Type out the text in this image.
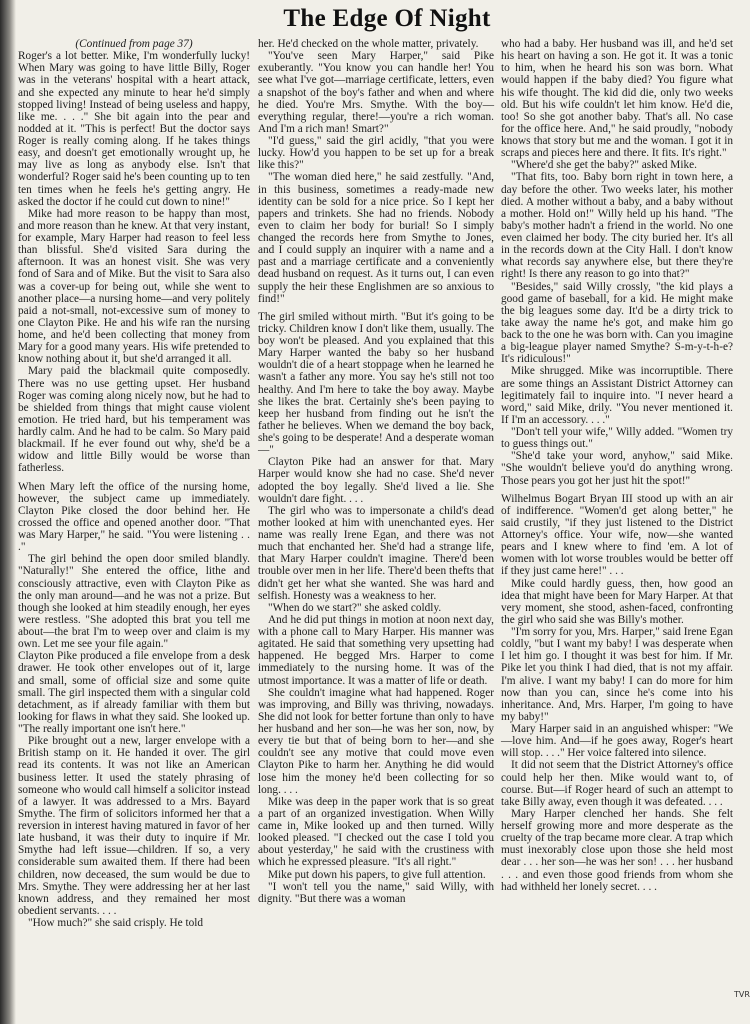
The Edge Of Night

(Continued from page 37)

Roger's a lot better. Mike, I'm wonderfully lucky! When Mary was going to have little Billy, Roger was in the veterans' hospital with a heart attack, and she expected any minute to hear he'd simply stopped living! Instead of being useless and happy, like me. . . ." She bit again into the pear and nodded at it. "This is perfect! But the doctor says Roger is really coming along. If he takes things easy, and doesn't get emotionally wrought up, he may live as long as anybody else. Isn't that wonderful? Roger said he's been counting up to ten ten times when he feels he's getting angry. He asked the doctor if he could cut down to nine!"

Mike had more reason to be happy than most, and more reason than he knew. At that very instant, for example, Mary Harper had reason to feel less than blissful. She'd visited Sara during the afternoon. It was an honest visit. She was very fond of Sara and of Mike. But the visit to Sara also was a cover-up for being out, while she went to another place—a nursing home—and very politely paid a not-small, not-excessive sum of money to one Clayton Pike. He and his wife ran the nursing home, and he'd been collecting that money from Mary for a good many years. His wife pretended to know nothing about it, but she'd arranged it all.

Mary paid the blackmail quite composedly. There was no use getting upset. Her husband Roger was coming along nicely now, but he had to be shielded from things that might cause violent emotion. He tried hard, but his temperament was hardly calm. And he had to be calm. So Mary paid blackmail. If he ever found out why, she'd be a widow and little Billy would be worse than fatherless.

When Mary left the office of the nursing home, however, the subject came up immediately. Clayton Pike closed the door behind her. He crossed the office and opened another door. "That was Mary Harper," he said. "You were listening . . ."

The girl behind the open door smiled blandly. "Naturally!" She entered the office, lithe and consciously attractive, even with Clayton Pike as the only man around—and he was not a prize. But though she looked at him steadily enough, her eyes were restless. "She adopted this brat you tell me about—the brat I'm to weep over and claim is my own. Let me see your file again."

Clayton Pike produced a file envelope from a desk drawer. He took other envelopes out of it, large and small, some of official size and some quite small. The girl inspected them with a singular cold detachment, as if already familiar with them but looking for flaws in what they said. She looked up. "The really important one isn't here."

Pike brought out a new, larger envelope with a British stamp on it. He handed it over. The girl read its contents. It was not like an American business letter. It used the stately phrasing of someone who would call himself a solicitor instead of a lawyer. It was addressed to a Mrs. Bayard Smythe. The firm of solicitors informed her that a reversion in interest having matured in favor of her late husband, it was their duty to inquire if Mr. Smythe had left issue—children. If so, a very considerable sum awaited them. If there had been children, now deceased, the sum would be due to Mrs. Smythe. They were addressing her at her last known address, and they remained her most obedient servants. . . .

"How much?" she said crisply. He told

her. He'd checked on the whole matter, privately.

"You've seen Mary Harper," said Pike exuberantly. "You know you can handle her! You see what I've got—marriage certificate, letters, even a snapshot of the boy's father and when and where he died. You're Mrs. Smythe. With the boy—everything regular, there!—you're a rich woman. And I'm a rich man! Smart?"

"I'd guess," said the girl acidly, "that you were lucky. How'd you happen to be set up for a break like this?"

"The woman died here," he said zestfully. "And, in this business, sometimes a ready-made new identity can be sold for a nice price. So I kept her papers and trinkets. She had no friends. Nobody even to claim her body for burial! So I simply changed the records here from Smythe to Jones, and I could supply an inquirer with a name and a past and a marriage certificate and a conveniently dead husband on request. As it turns out, I can even supply the heir these Englishmen are so anxious to find!"

The girl smiled without mirth. "But it's going to be tricky. Children know I don't like them, usually. The boy won't be pleased. And you explained that this Mary Harper wanted the baby so her husband wouldn't die of a heart stoppage when he learned he wasn't a father any more. You say he's still not too healthy. And I'm here to take the boy away. Maybe she likes the brat. Certainly she's been paying to keep her husband from finding out he isn't the father he believes. When we demand the boy back, she's going to be desperate! And a desperate woman—"

Clayton Pike had an answer for that. Mary Harper would know she had no case. She'd never adopted the boy legally. She'd lived a lie. She wouldn't dare fight. . . .

The girl who was to impersonate a child's dead mother looked at him with unenchanted eyes. Her name was really Irene Egan, and there was not much that enchanted her. She'd had a strange life, that Mary Harper couldn't imagine. There'd been trouble over men in her life. There'd been thefts that didn't get her what she wanted. She was hard and selfish. Honesty was a weakness to her.

"When do we start?" she asked coldly.

And he did put things in motion at noon next day, with a phone call to Mary Harper. His manner was agitated. He said that something very upsetting had happened. He begged Mrs. Harper to come immediately to the nursing home. It was of the utmost importance. It was a matter of life or death.

She couldn't imagine what had happened. Roger was improving, and Billy was thriving, nowadays. She did not look for better fortune than only to have her husband and her son—he was her son, now, by every tie but that of being born to her—and she couldn't see any motive that could move even Clayton Pike to harm her. Anything he did would lose him the money he'd been collecting for so long. . . .

Mike was deep in the paper work that is so great a part of an organized investigation. When Willy came in, Mike looked up and then turned. Willy looked pleased. "I checked out the case I told you about yesterday," he said with the crustiness with which he expressed pleasure. "It's all right."

Mike put down his papers, to give full attention.

"I won't tell you the name," said Willy, with dignity. "But there was a woman

who had a baby. Her husband was ill, and he'd set his heart on having a son. He got it. It was a tonic to him, when he heard his son was born. What would happen if the baby died? You figure what his wife thought. The kid did die, only two weeks old. But his wife couldn't let him know. He'd die, too! So she got another baby. That's all. No case for the office here. And," he said proudly, "nobody knows that story but me and the woman. I got it in scraps and pieces here and there. It fits. It's right."

"Where'd she get the baby?" asked Mike.

"That fits, too. Baby born right in town here, a day before the other. Two weeks later, his mother died. A mother without a baby, and a baby without a mother. Hold on!" Willy held up his hand. "The baby's mother hadn't a friend in the world. No one even claimed her body. The city buried her. It's all in the records down at the City Hall. I don't know what records say anywhere else, but there they're right! Is there any reason to go into that?"

"Besides," said Willy crossly, "the kid plays a good game of baseball, for a kid. He might make the big leagues some day. It'd be a dirty trick to take away the name he's got, and make him go back to the one he was born with. Can you imagine a big-league player named Smythe? S-m-y-t-h-e? It's ridiculous!"

Mike shrugged. Mike was incorruptible. There are some things an Assistant District Attorney can legitimately fail to inquire into. "I never heard a word," said Mike, drily. "You never mentioned it. If I'm an accessory. . . ."

"Don't tell your wife," Willy added. "Women try to guess things out."

"She'd take your word, anyhow," said Mike. "She wouldn't believe you'd do anything wrong. Those pears you got her just hit the spot!"

Wilhelmus Bogart Bryan III stood up with an air of indifference. "Women'd get along better," he said crustily, "if they just listened to the District Attorney's office. Your wife, now—she wanted pears and I knew where to find 'em. A lot of women with lot worse troubles would be better off if they just came here!" . . .

Mike could hardly guess, then, how good an idea that might have been for Mary Harper. At that very moment, she stood, ashen-faced, confronting the girl who said she was Billy's mother.

"I'm sorry for you, Mrs. Harper," said Irene Egan coldly, "but I want my baby! I was desperate when I let him go. I thought it was best for him. If Mr. Pike let you think I had died, that is not my affair. I'm alive. I want my baby! I can do more for him now than you can, since he's come into his inheritance. And, Mrs. Harper, I'm going to have my baby!"

Mary Harper said in an anguished whisper: "We—love him. And—if he goes away, Roger's heart will stop. . . ." Her voice faltered into silence.

It did not seem that the District Attorney's office could help her then. Mike would want to, of course. But—if Roger heard of such an attempt to take Billy away, even though it was defeated. . . .

Mary Harper clenched her hands. She felt herself growing more and more desperate as the cruelty of the trap became more clear. A trap which must inexorably close upon those she held most dear . . . her son—he was her son! . . . her husband . . . and even those good friends from whom she had withheld her lonely secret. . . .

TVR
